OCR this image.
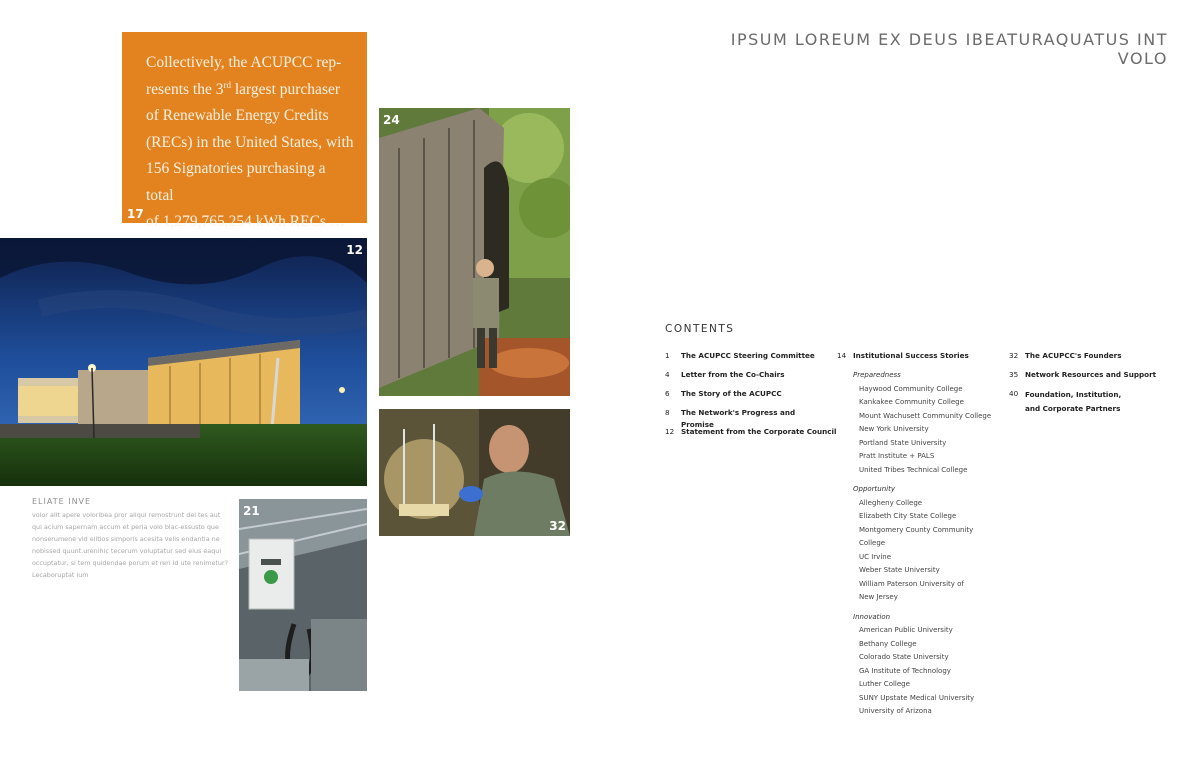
IPSUM LOREUM EX DEUS IBEATURAQUATUS INT VOLO
Collectively, the ACUPCC rep-
resents the 3rd largest purchaser
of Renewable Energy Credits
(RECs) in the United States, with
156 Signatories purchasing a total
of 1,279,765,254 kWh RECs …
17
12
24
32
21
ELIATE INVE
volor alit apere voloribea pror aliqui remostrunt del tes aut qui acium sapernam accum et peria volo blac-essusto que nonserumene vid elitios simporis acesita velis endantia ne nobissed quunt.urenihic tecerum voluptatur sed eius eaqui occuptatur, si tem quidendae porum et reri id ute renimetur?Lecaboruptat ium
CONTENTS
1	The ACUPCC Steering Committee
4	Letter from the Co-Chairs
6	The Story of the ACUPCC
8	The Network's Progress and Promise
12 Statement from the Corporate Council
14 Institutional Success Stories
Preparedness
Haywood Community College
Kankakee Community College
Mount Wachusett Community College
New York University
Portland State University
Pratt Institute + PALS
United Tribes Technical College
Opportunity
Allegheny College
Elizabeth City State College
Montgomery County Community College
UC Irvine
Weber State University
William Paterson University of New Jersey
Innovation
American Public University
Bethany College
Colorado State University
GA Institute of Technology
Luther College
SUNY Upstate Medical University
University of Arizona
32 The ACUPCC's Founders
35 Network Resources and Support
40 Foundation, Institution, and Corporate Partners
